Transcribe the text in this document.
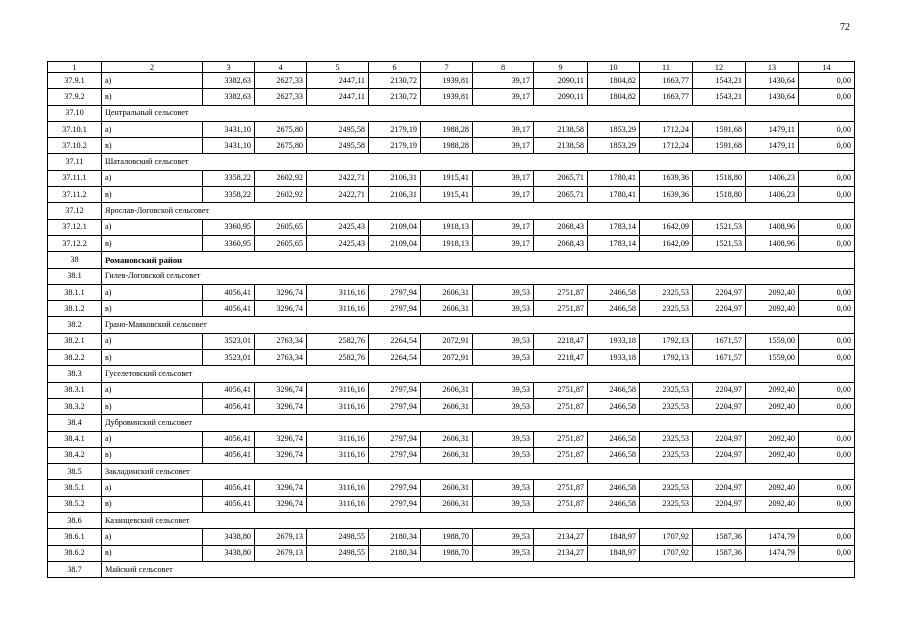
72
1	2	3	4	5	6	7	8	9	10	11	12	13	14
37.9.1	а)	3382,63	2627,33	2447,11	2130,72	1939,81	39,17	2090,11	1804,82	1663,77	1543,21	1430,64	0,00
37.9.2	в)	3382,63	2627,33	2447,11	2130,72	1939,81	39,17	2090,11	1804,82	1663,77	1543,21	1430,64	0,00
37.10	Центральный сельсовет												
37.10.1	а)	3431,10	2675,80	2495,58	2179,19	1988,28	39,17	2138,58	1853,29	1712,24	1591,68	1479,11	0,00
37.10.2	в)	3431,10	2675,80	2495,58	2179,19	1988,28	39,17	2138,58	1853,29	1712,24	1591,68	1479,11	0,00
37.11	Шаталовский сельсовет												
37.11.1	а)	3358,22	2602,92	2422,71	2106,31	1915,41	39,17	2065,71	1780,41	1639,36	1518,80	1406,23	0,00
37.11.2	в)	3358,22	2602,92	2422,71	2106,31	1915,41	39,17	2065,71	1780,41	1639,36	1518,80	1406,23	0,00
37.12	Ярослав-Логовской сельсовет												
37.12.1	а)	3360,95	2605,65	2425,43	2109,04	1918,13	39,17	2068,43	1783,14	1642,09	1521,53	1408,96	0,00
37.12.2	в)	3360,95	2605,65	2425,43	2109,04	1918,13	39,17	2068,43	1783,14	1642,09	1521,53	1408,96	0,00
38	Романовский район												
38.1	Гилев-Логовской сельсовет												
38.1.1	а)	4056,41	3296,74	3116,16	2797,94	2606,31	39,53	2751,87	2466,58	2325,53	2204,97	2092,40	0,00
38.1.2	в)	4056,41	3296,74	3116,16	2797,94	2606,31	39,53	2751,87	2466,58	2325,53	2204,97	2092,40	0,00
38.2	Грано-Маяковский сельсовет												
38.2.1	а)	3523,01	2763,34	2582,76	2264,54	2072,91	39,53	2218,47	1933,18	1792,13	1671,57	1559,00	0,00
38.2.2	в)	3523,01	2763,34	2582,76	2264,54	2072,91	39,53	2218,47	1933,18	1792,13	1671,57	1559,00	0,00
38.3	Гуселетовский сельсовет												
38.3.1	а)	4056,41	3296,74	3116,16	2797,94	2606,31	39,53	2751,87	2466,58	2325,53	2204,97	2092,40	0,00
38.3.2	в)	4056,41	3296,74	3116,16	2797,94	2606,31	39,53	2751,87	2466,58	2325,53	2204,97	2092,40	0,00
38.4	Дубровинский сельсовет												
38.4.1	а)	4056,41	3296,74	3116,16	2797,94	2606,31	39,53	2751,87	2466,58	2325,53	2204,97	2092,40	0,00
38.4.2	в)	4056,41	3296,74	3116,16	2797,94	2606,31	39,53	2751,87	2466,58	2325,53	2204,97	2092,40	0,00
38.5	Закладинский сельсовет												
38.5.1	а)	4056,41	3296,74	3116,16	2797,94	2606,31	39,53	2751,87	2466,58	2325,53	2204,97	2092,40	0,00
38.5.2	в)	4056,41	3296,74	3116,16	2797,94	2606,31	39,53	2751,87	2466,58	2325,53	2204,97	2092,40	0,00
38.6	Казанцевский сельсовет												
38.6.1	а)	3438,80	2679,13	2498,55	2180,34	1988,70	39,53	2134,27	1848,97	1707,92	1587,36	1474,79	0,00
38.6.2	в)	3438,80	2679,13	2498,55	2180,34	1988,70	39,53	2134,27	1848,97	1707,92	1587,36	1474,79	0,00
38.7	Майский сельсовет												
